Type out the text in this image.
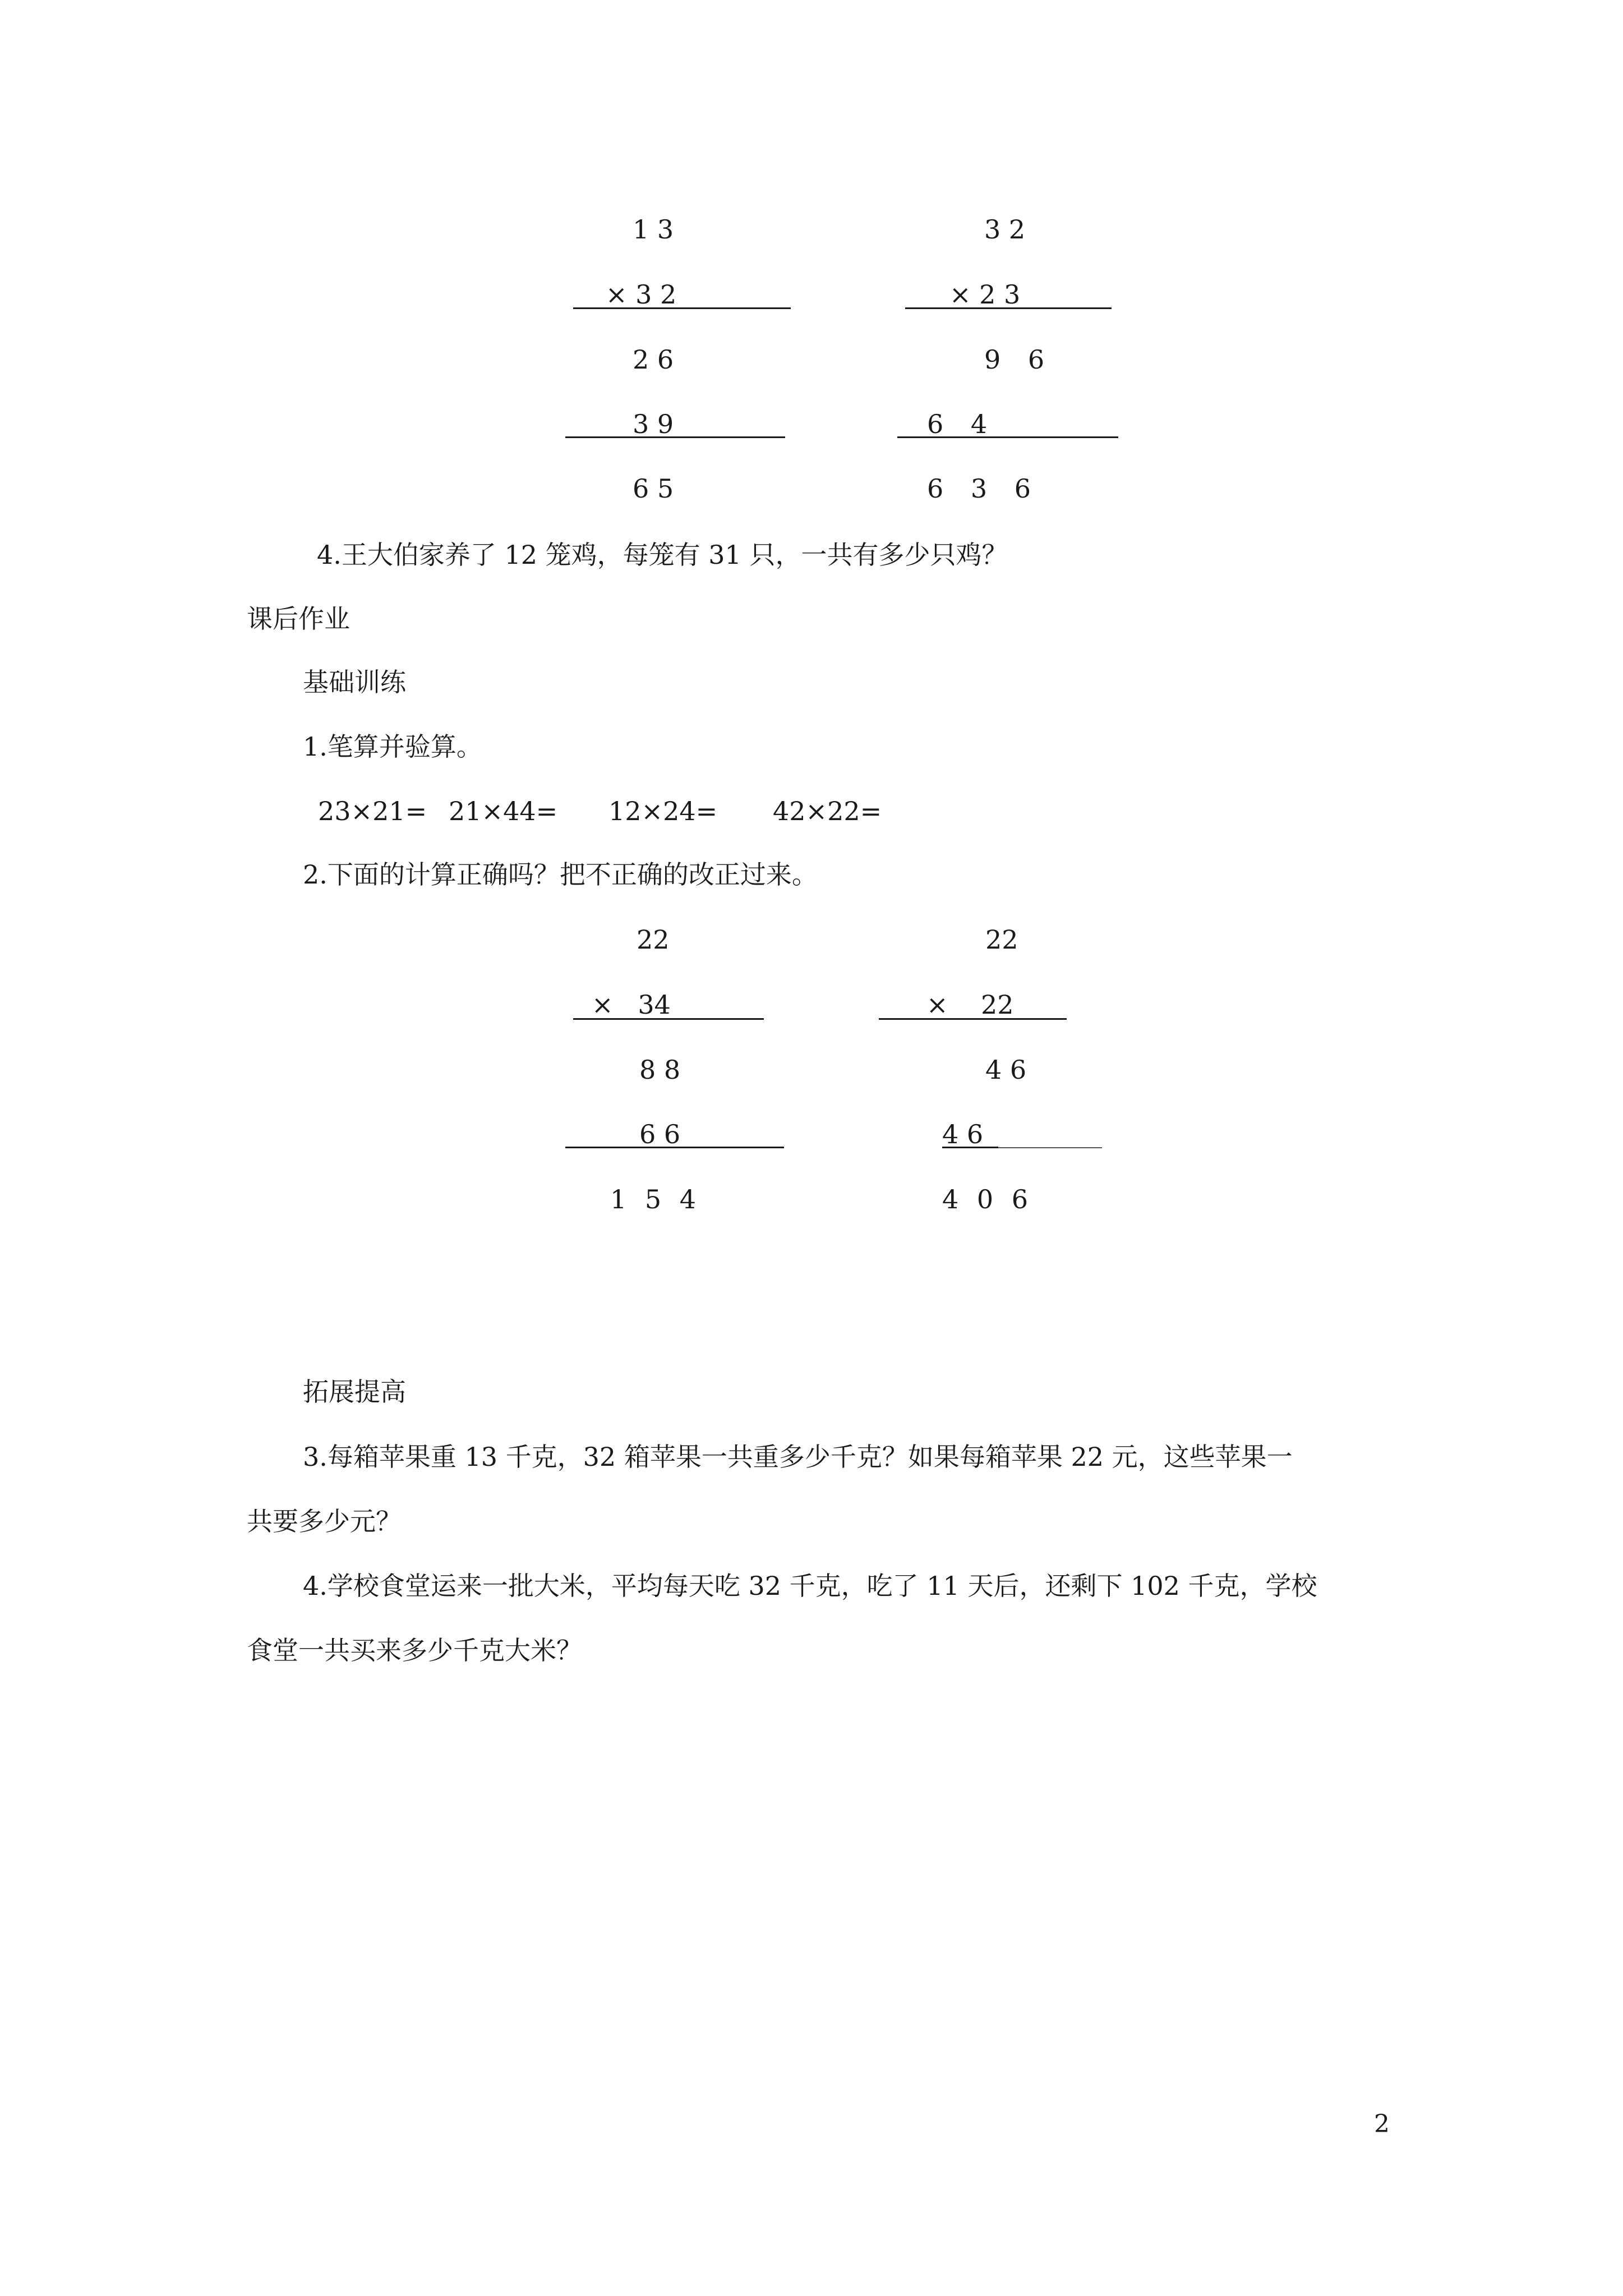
1 3
× 3 2
2 6
3 9
6 5
3 2
× 2 3
9 6
6 4
6 3 6
4.王大伯家养了 12 笼鸡，每笼有 31 只，一共有多少只鸡？
课后作业
基础训练
1.笔算并验算。
23×21= 21×44= 12×24= 42×22=
2.下面的计算正确吗？把不正确的改正过来。
22
×   34
8 8
6 6
1 5 4
22
×    22
4 6
4 6
4 0 6
拓展提高
3.每箱苹果重 13 千克，32 箱苹果一共重多少千克？如果每箱苹果 22 元，这些苹果一
共要多少元？
4.学校食堂运来一批大米，平均每天吃 32 千克，吃了 11 天后，还剩下 102 千克，学校
食堂一共买来多少千克大米？
2
